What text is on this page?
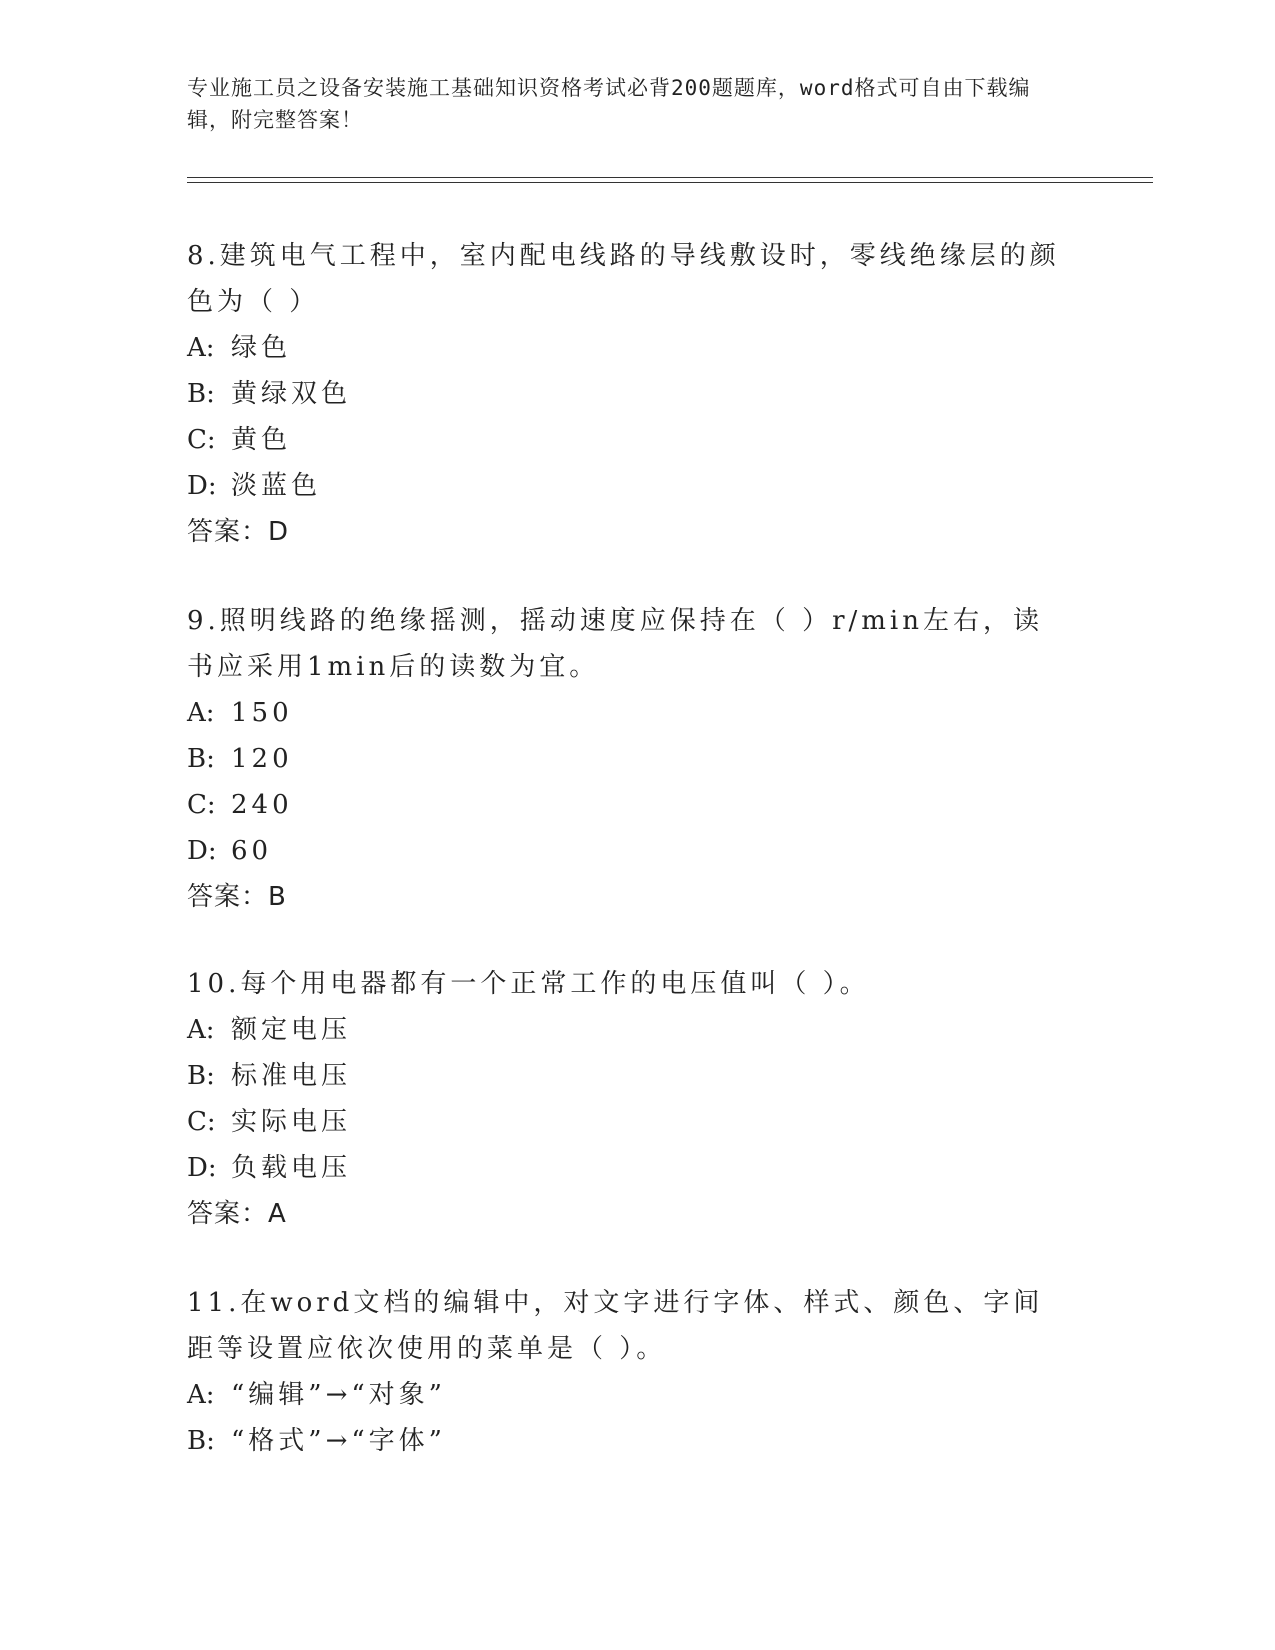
专业施工员之设备安装施工基础知识资格考试必背200题题库，word格式可自由下载编辑，附完整答案！

8.建筑电气工程中，室内配电线路的导线敷设时，零线绝缘层的颜色为（ ）

A: 绿色

B: 黄绿双色

C: 黄色

D: 淡蓝色

答案：D

9.照明线路的绝缘摇测，摇动速度应保持在（ ）r/min左右，读书应采用1min后的读数为宜。

A: 150

B: 120

C: 240

D: 60

答案：B

10.每个用电器都有一个正常工作的电压值叫（ ）。

A: 额定电压

B: 标准电压

C: 实际电压

D: 负载电压

答案：A

11.在word文档的编辑中，对文字进行字体、样式、颜色、字间距等设置应依次使用的菜单是（ ）。

A: “编辑”→“对象”

B: “格式”→“字体”
